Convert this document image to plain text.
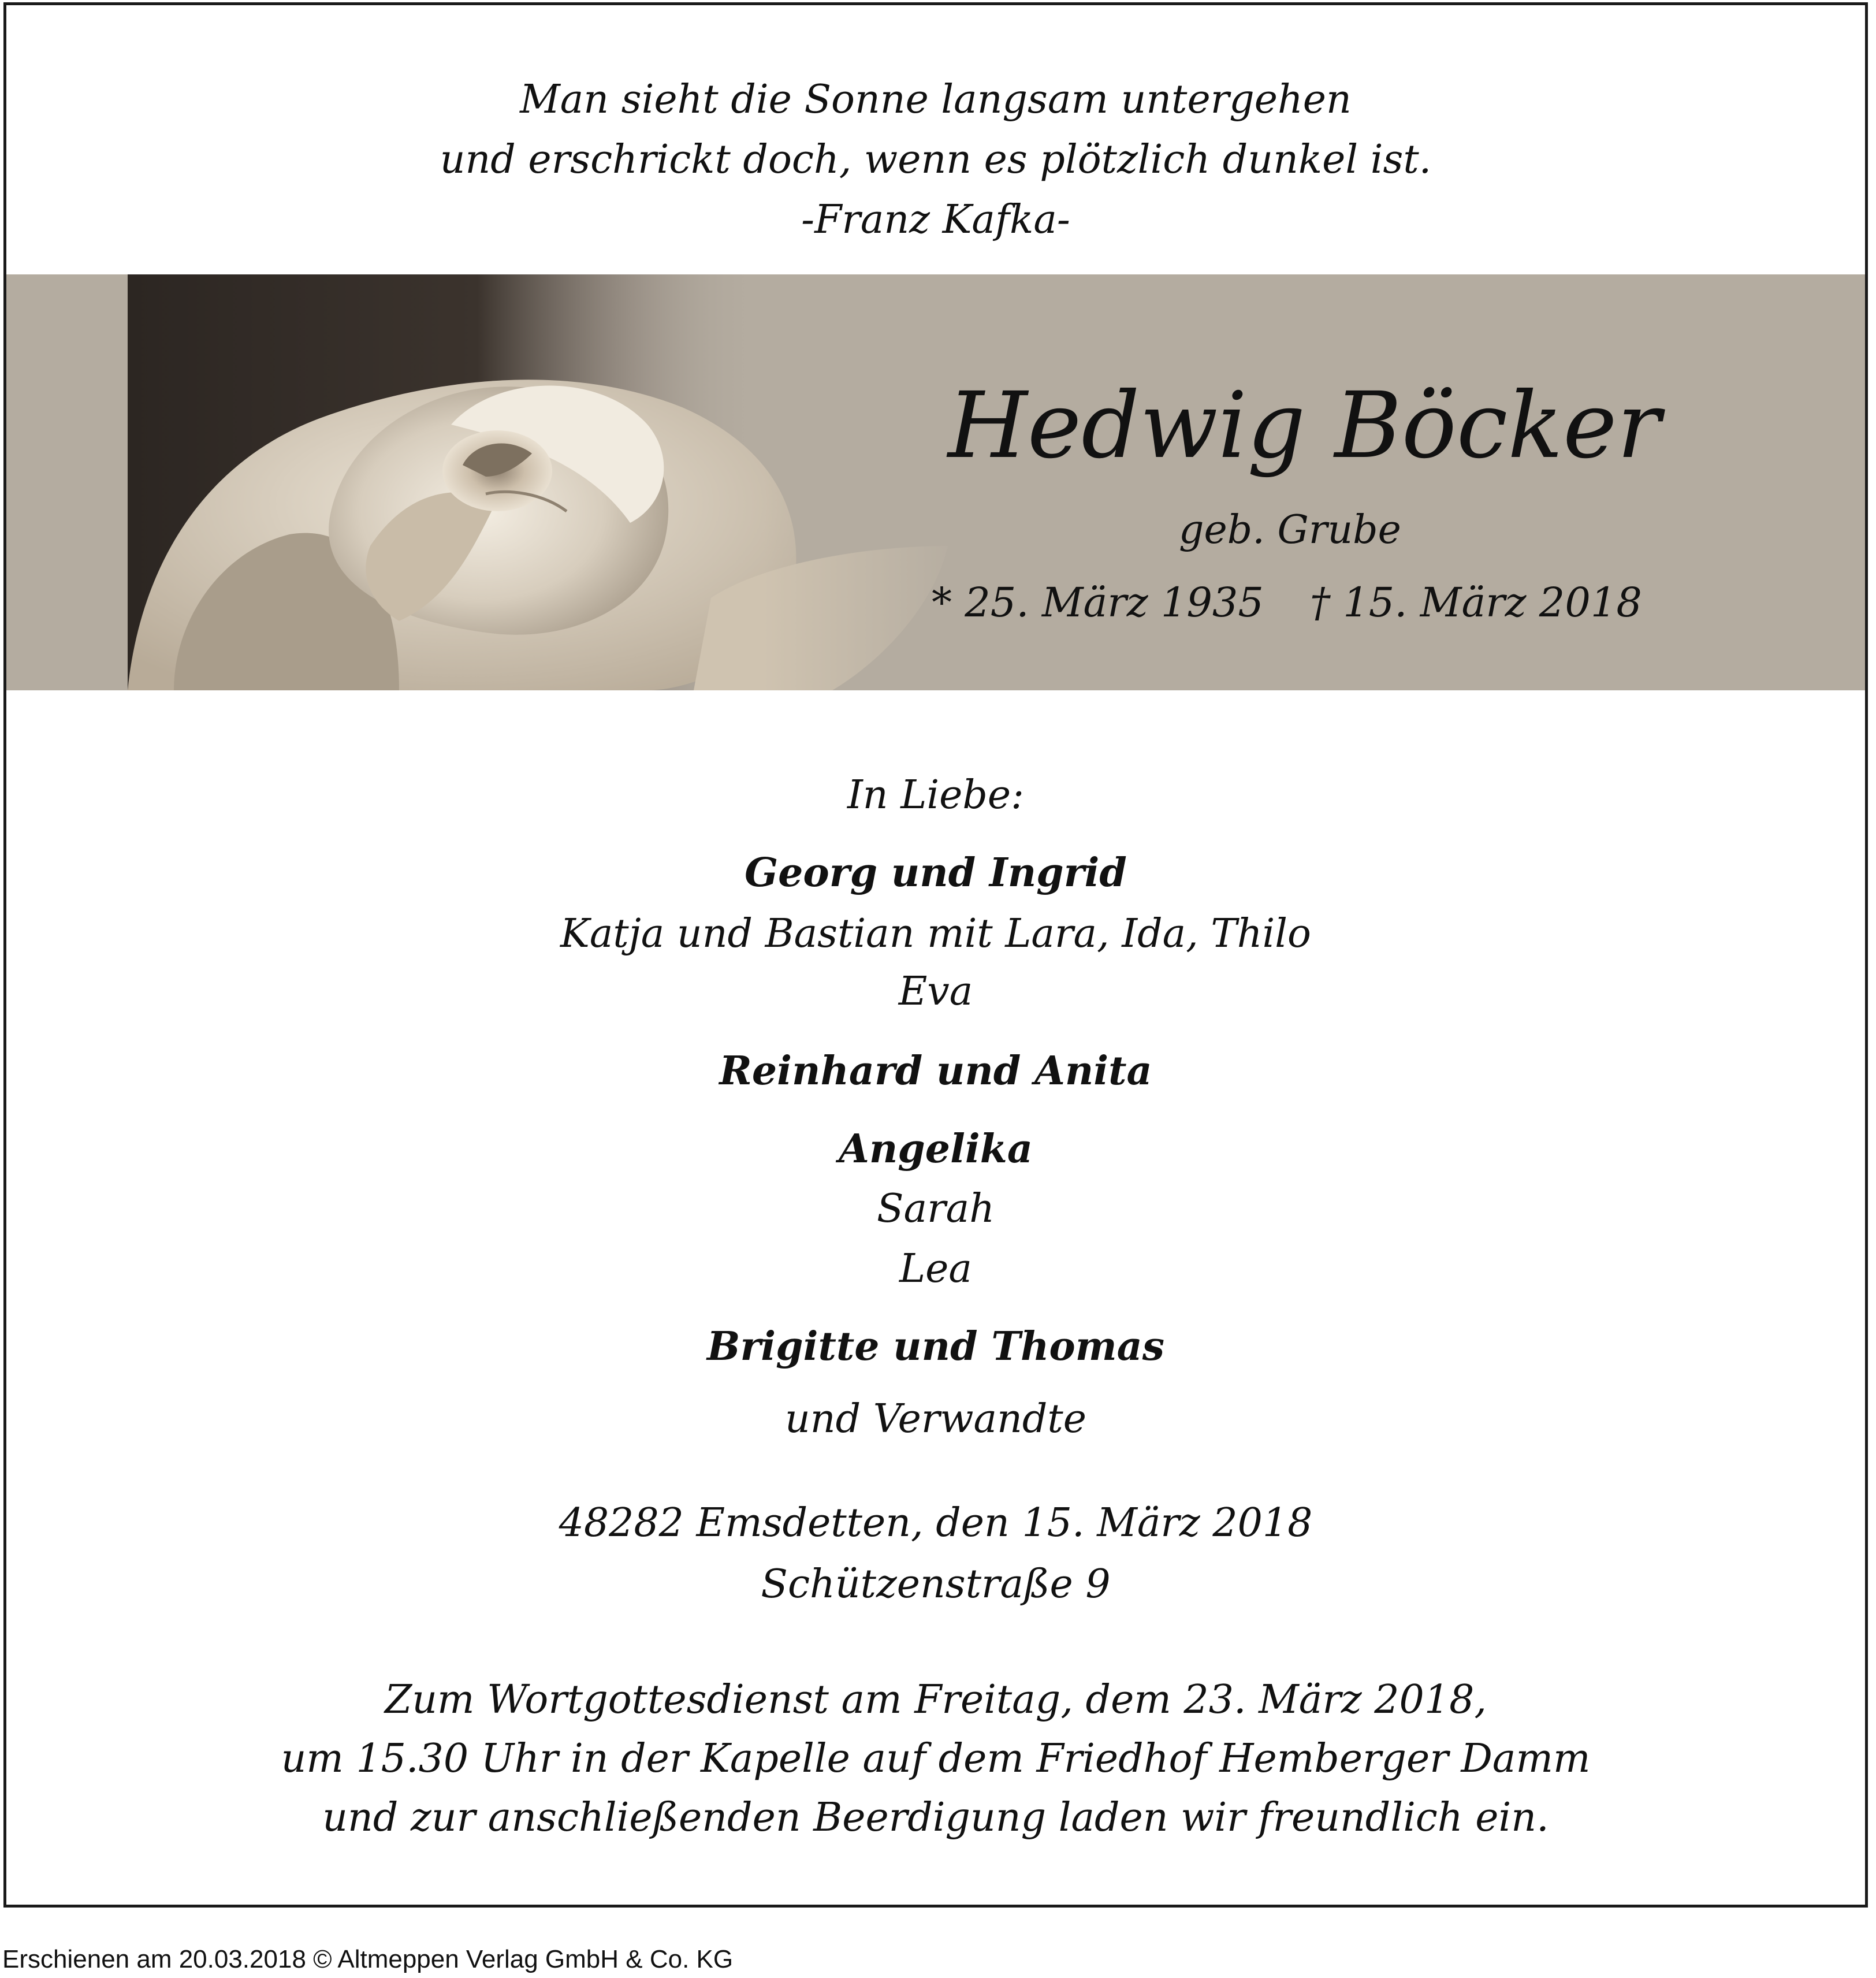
Man sieht die Sonne langsam untergehen
und erschrickt doch, wenn es plötzlich dunkel ist.
-Franz Kafka-
Hedwig Böcker
geb. Grube
* 25. März 1935 † 15. März 2018
In Liebe:
Georg und Ingrid
Katja und Bastian mit Lara, Ida, Thilo
Eva
Reinhard und Anita
Angelika
Sarah
Lea
Brigitte und Thomas
und Verwandte
48282 Emsdetten, den 15. März 2018
Schützenstraße 9
Zum Wortgottesdienst am Freitag, dem 23. März 2018,
um 15.30 Uhr in der Kapelle auf dem Friedhof Hemberger Damm
und zur anschließenden Beerdigung laden wir freundlich ein.
Erschienen am 20.03.2018 © Altmeppen Verlag GmbH & Co. KG
